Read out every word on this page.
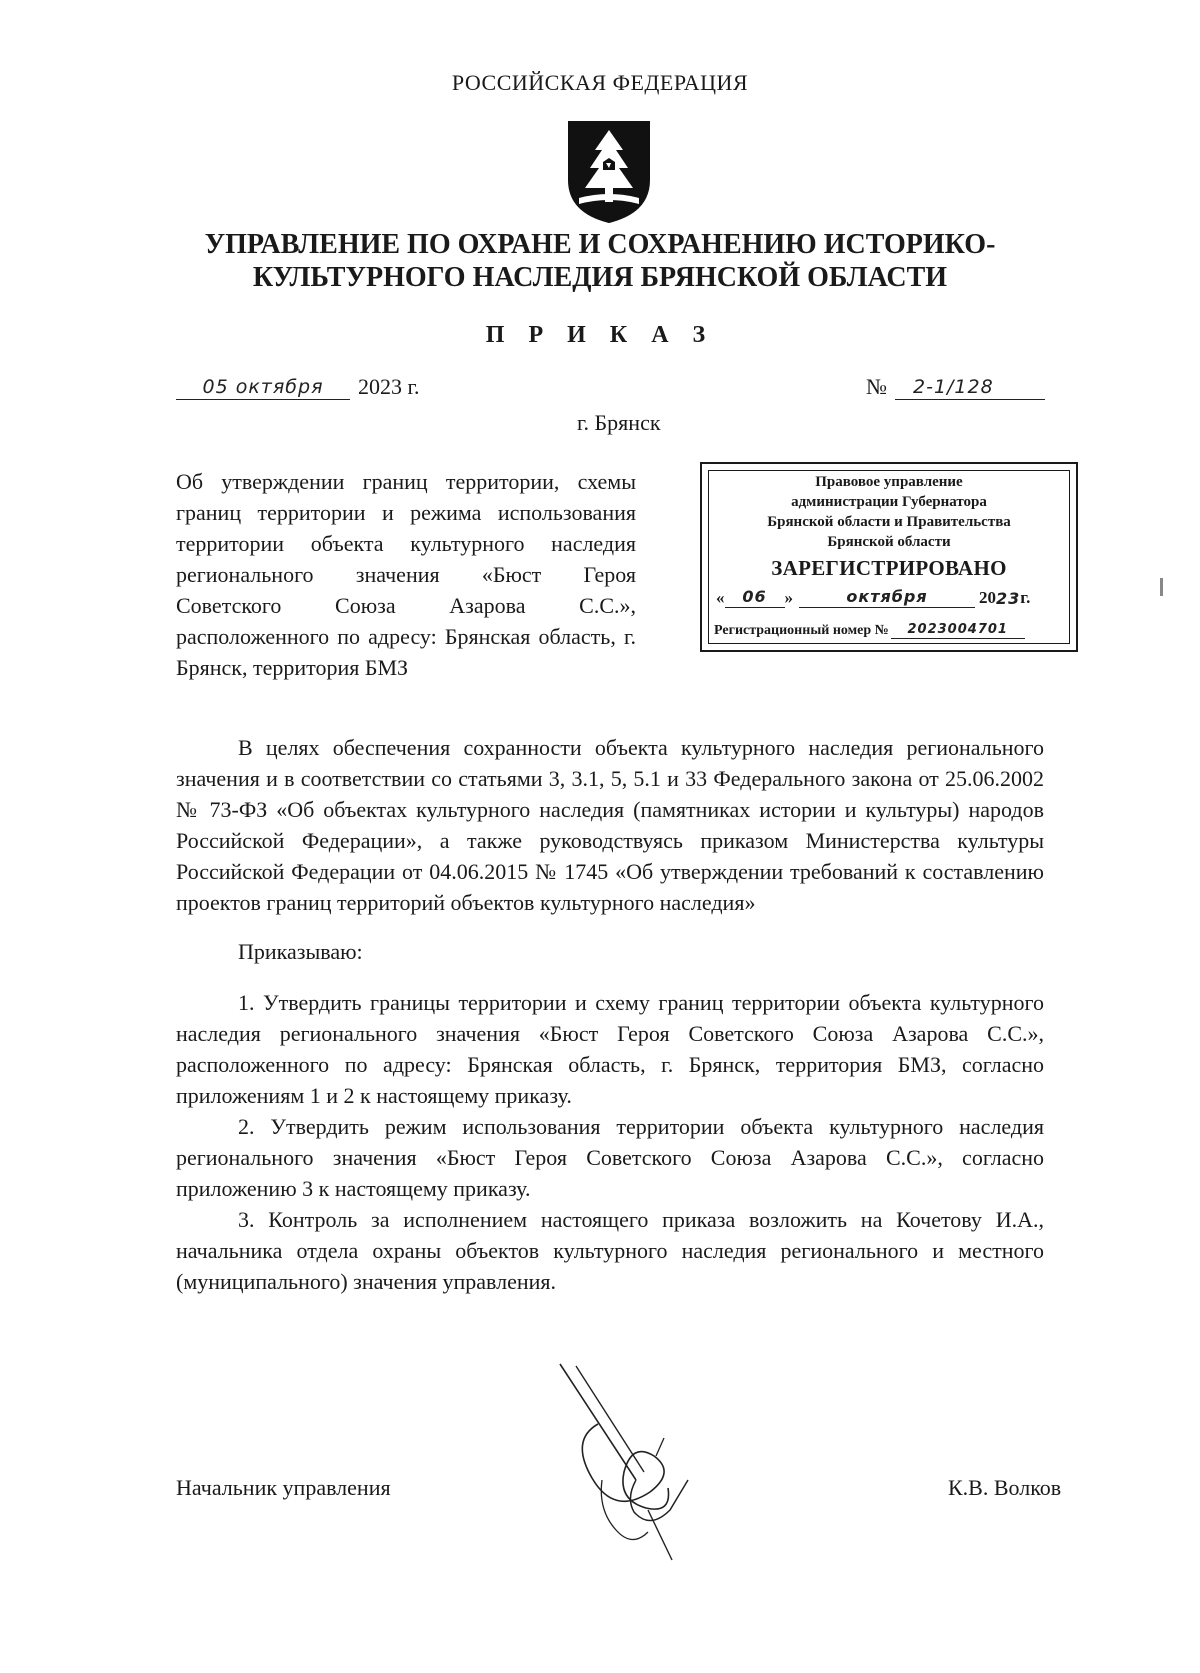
РОССИЙСКАЯ ФЕДЕРАЦИЯ
УПРАВЛЕНИЕ ПО ОХРАНЕ И СОХРАНЕНИЮ ИСТОРИКО-
КУЛЬТУРНОГО НАСЛЕДИЯ БРЯНСКОЙ ОБЛАСТИ
П Р И К А З
05 октября	2023 г.	№	2-1/128
г. Брянск
Об утверждении границ территории, схемы границ территории и режима использования территории объекта культурного наследия регионального значения «Бюст Героя Советского Союза Азарова С.С.», расположенного по адресу: Брянская область, г. Брянск, территория БМЗ
Правовое управление
администрации Губернатора
Брянской области и Правительства
Брянской области
ЗАРЕГИСТРИРОВАНО
«	06	»	октября	20 23 г.
Регистрационный номер №	2023004701

В целях обеспечения сохранности объекта культурного наследия регионального значения и в соответствии со статьями 3, 3.1, 5, 5.1 и 33 Федерального закона от 25.06.2002 № 73-ФЗ «Об объектах культурного наследия (памятниках истории и культуры) народов Российской Федерации», а также руководствуясь приказом Министерства культуры Российской Федерации от 04.06.2015 № 1745 «Об утверждении требований к составлению проектов границ территорий объектов культурного наследия»

Приказываю:

1. Утвердить границы территории и схему границ территории объекта культурного наследия регионального значения «Бюст Героя Советского Союза Азарова С.С.», расположенного по адресу: Брянская область, г. Брянск, территория БМЗ, согласно приложениям 1 и 2 к настоящему приказу.

2. Утвердить режим использования территории объекта культурного наследия регионального значения «Бюст Героя Советского Союза Азарова С.С.», согласно приложению 3 к настоящему приказу.

3. Контроль за исполнением настоящего приказа возложить на Кочетову И.А., начальника отдела охраны объектов культурного наследия регионального и местного (муниципального) значения управления.

Начальник управления	К.В. Волков
